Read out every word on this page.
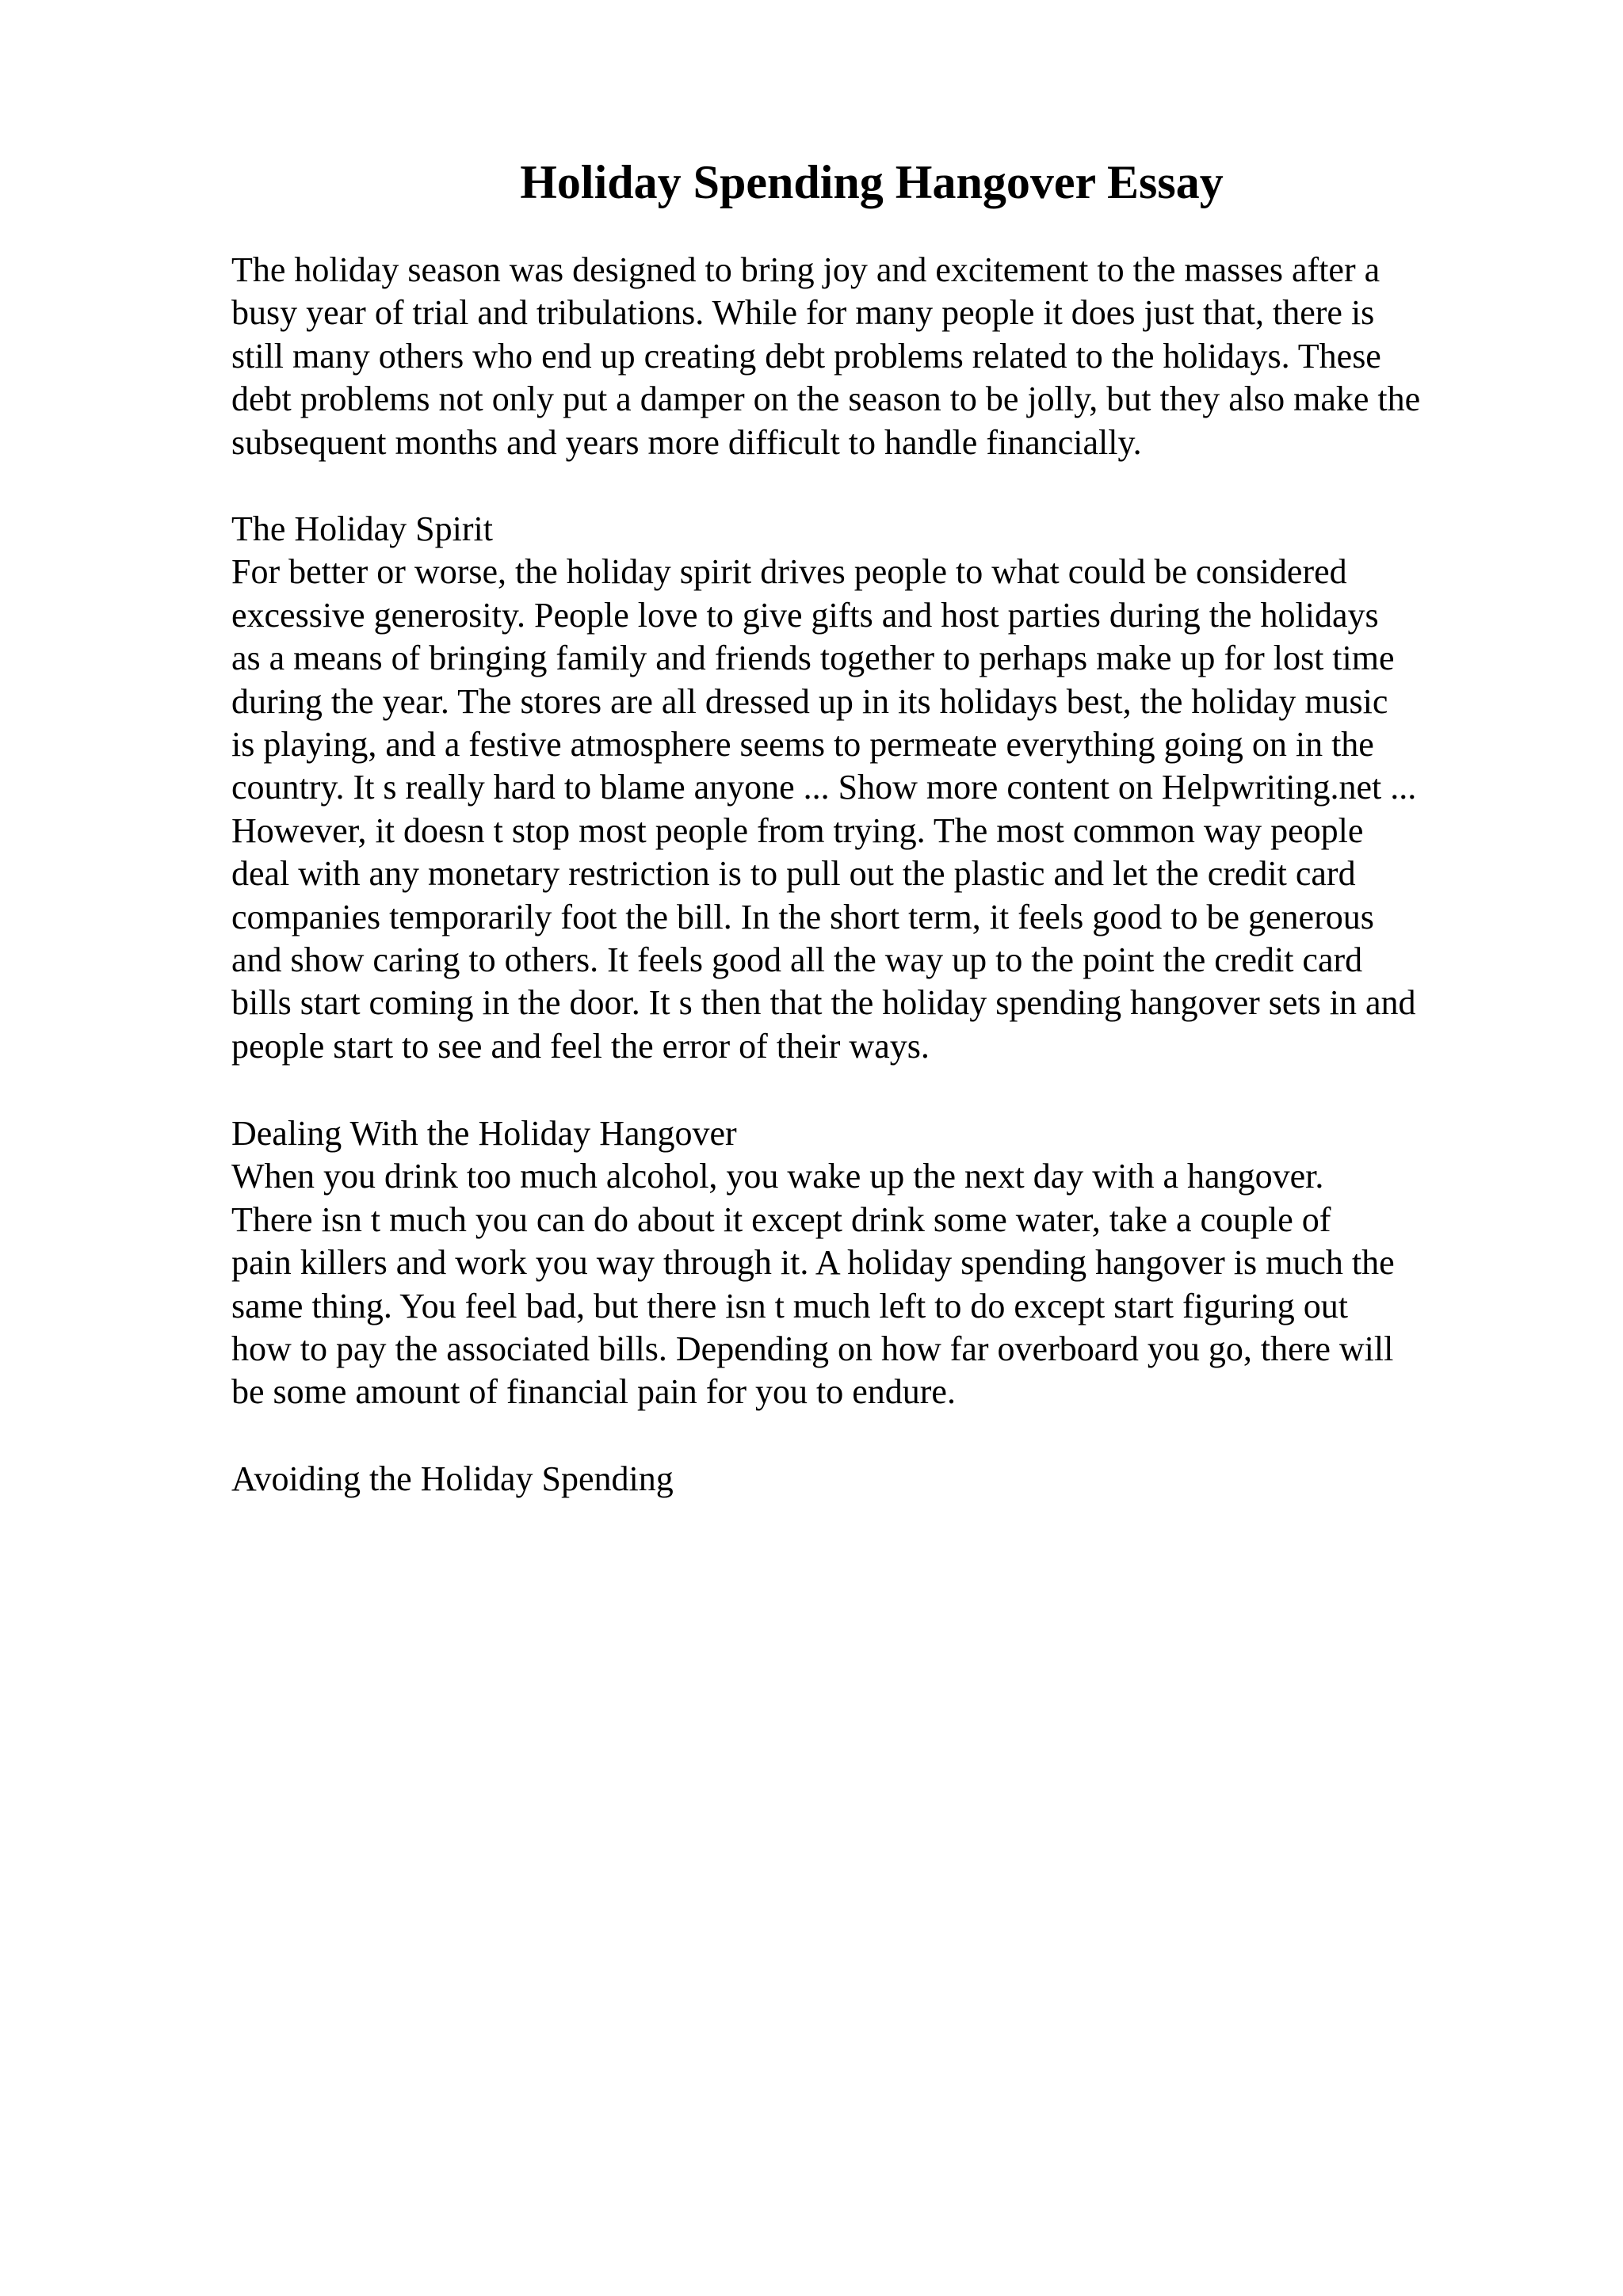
Holiday Spending Hangover Essay
The holiday season was designed to bring joy and excitement to the masses after a
busy year of trial and tribulations. While for many people it does just that, there is
still many others who end up creating debt problems related to the holidays. These
debt problems not only put a damper on the season to be jolly, but they also make the
subsequent months and years more difficult to handle financially.
The Holiday Spirit
For better or worse, the holiday spirit drives people to what could be considered
excessive generosity. People love to give gifts and host parties during the holidays
as a means of bringing family and friends together to perhaps make up for lost time
during the year. The stores are all dressed up in its holidays best, the holiday music
is playing, and a festive atmosphere seems to permeate everything going on in the
country. It s really hard to blame anyone ... Show more content on Helpwriting.net ...
However, it doesn t stop most people from trying. The most common way people
deal with any monetary restriction is to pull out the plastic and let the credit card
companies temporarily foot the bill. In the short term, it feels good to be generous
and show caring to others. It feels good all the way up to the point the credit card
bills start coming in the door. It s then that the holiday spending hangover sets in and
people start to see and feel the error of their ways.
Dealing With the Holiday Hangover
When you drink too much alcohol, you wake up the next day with a hangover.
There isn t much you can do about it except drink some water, take a couple of
pain killers and work you way through it. A holiday spending hangover is much the
same thing. You feel bad, but there isn t much left to do except start figuring out
how to pay the associated bills. Depending on how far overboard you go, there will
be some amount of financial pain for you to endure.
Avoiding the Holiday Spending
